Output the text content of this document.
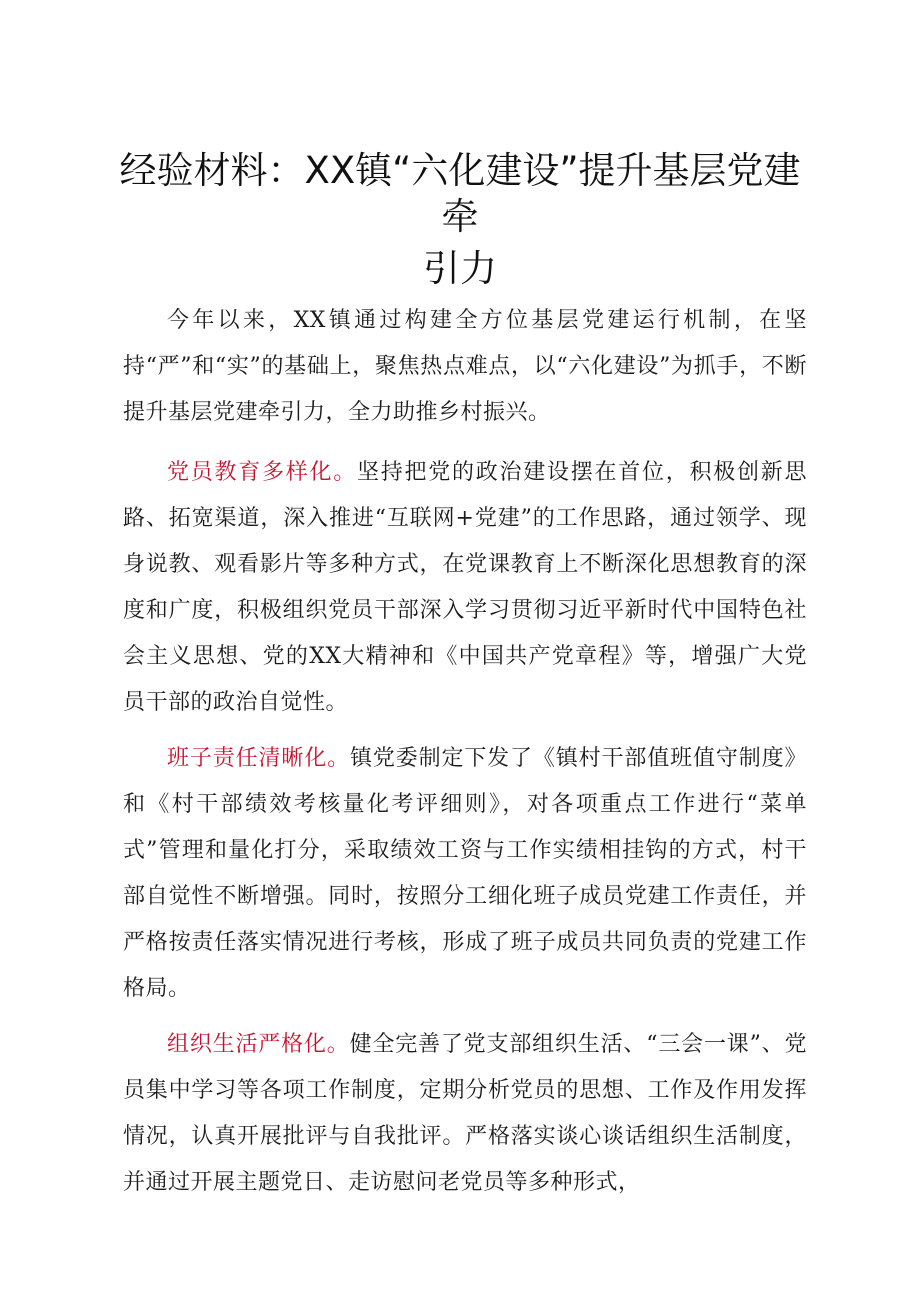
经验材料：XX镇“六化建设”提升基层党建
牵
引力

今年以来，XX镇通过构建全方位基层党建运行机制，在坚持“严”和“实”的基础上，聚焦热点难点，以“六化建设”为抓手，不断提升基层党建牵引力，全力助推乡村振兴。

党员教育多样化。坚持把党的政治建设摆在首位，积极创新思路、拓宽渠道，深入推进“互联网+党建”的工作思路，通过领学、现身说教、观看影片等多种方式，在党课教育上不断深化思想教育的深度和广度，积极组织党员干部深入学习贯彻习近平新时代中国特色社会主义思想、党的XX大精神和《中国共产党章程》等，增强广大党员干部的政治自觉性。

班子责任清晰化。镇党委制定下发了《镇村干部值班值守制度》和《村干部绩效考核量化考评细则》，对各项重点工作进行“菜单式”管理和量化打分，采取绩效工资与工作实绩相挂钩的方式，村干部自觉性不断增强。同时，按照分工细化班子成员党建工作责任，并严格按责任落实情况进行考核，形成了班子成员共同负责的党建工作格局。

组织生活严格化。健全完善了党支部组织生活、“三会一课”、党员集中学习等各项工作制度，定期分析党员的思想、工作及作用发挥情况，认真开展批评与自我批评。严格落实谈心谈话组织生活制度，并通过开展主题党日、走访慰问老党员等多种形式，
